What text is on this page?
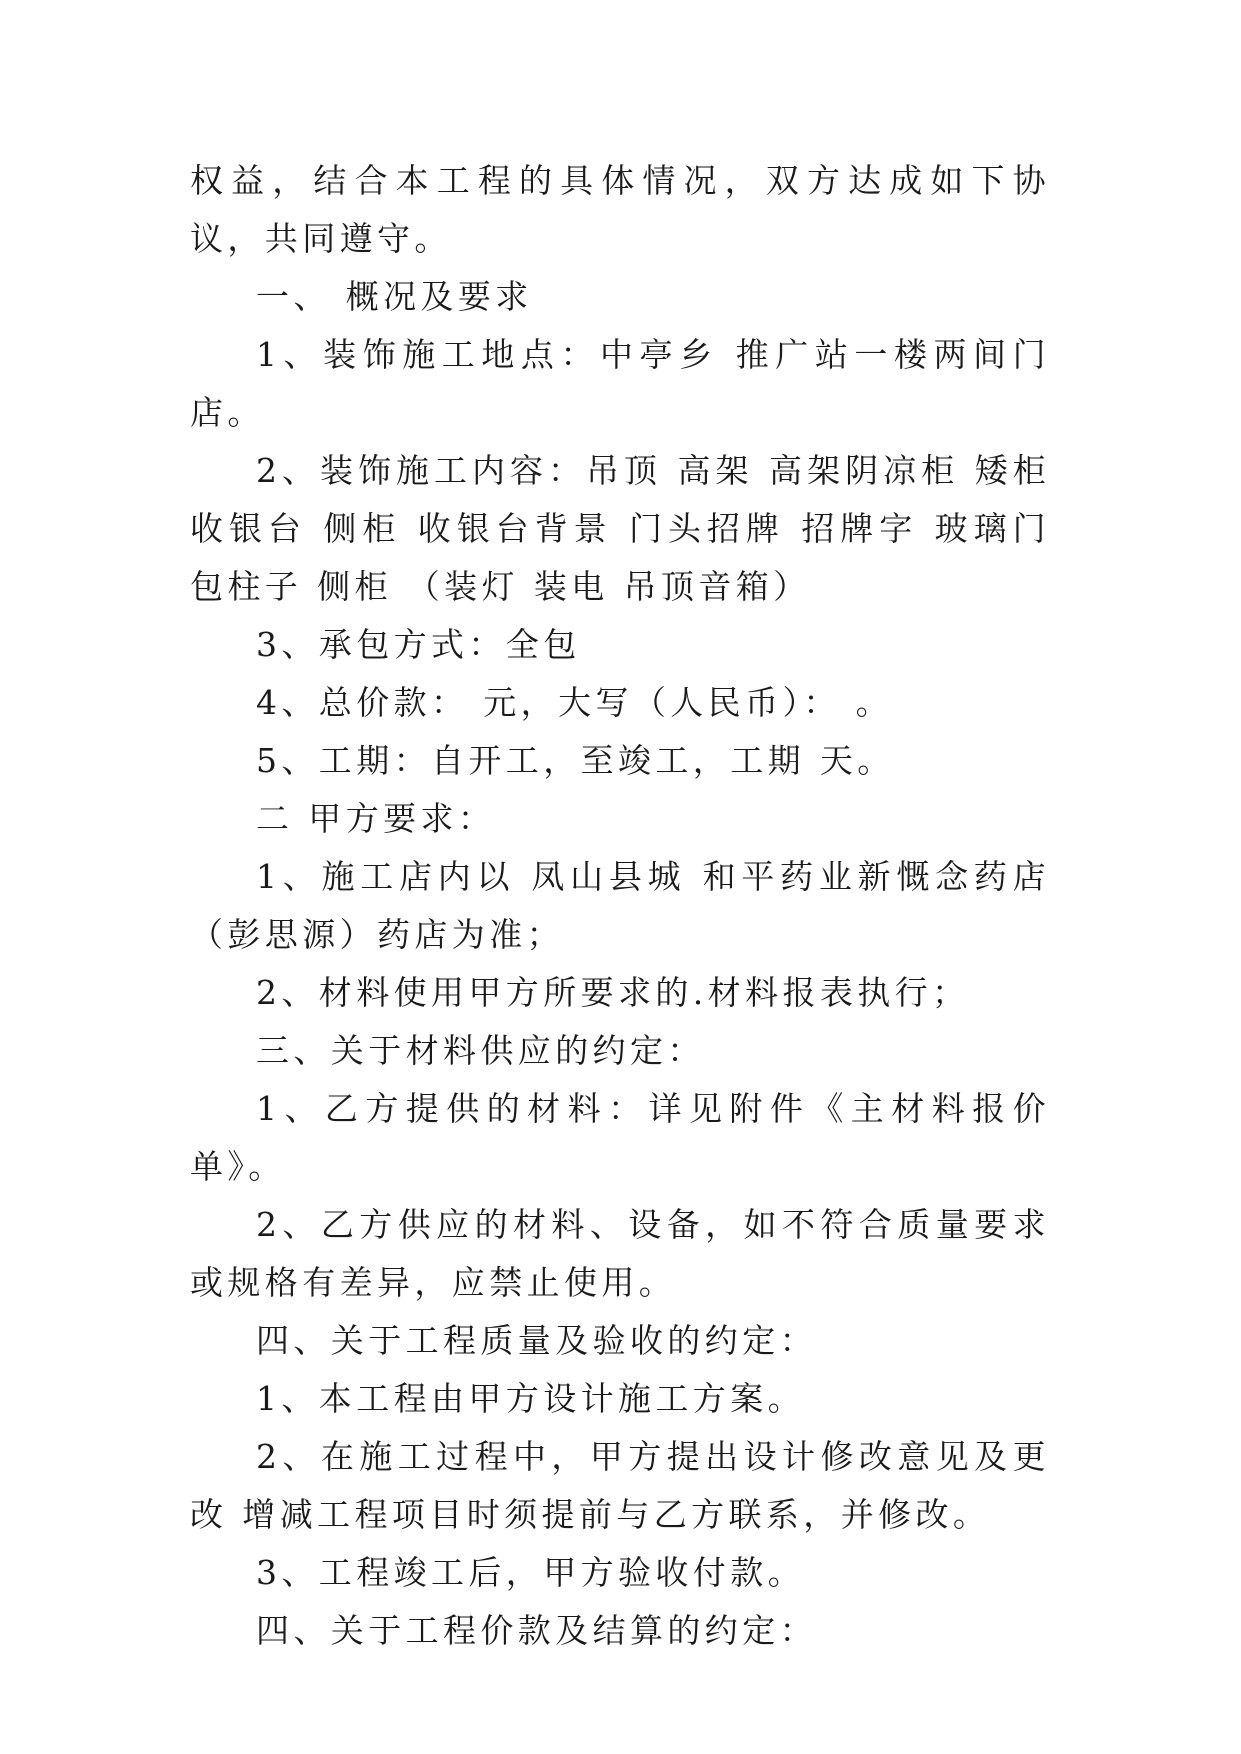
权益，结合本工程的具体情况，双方达成如下协议，共同遵守。

一、 概况及要求

1、装饰施工地点：中亭乡 推广站一楼两间门店。

2、装饰施工内容：吊顶 高架 高架阴凉柜 矮柜 收银台 侧柜 收银台背景 门头招牌 招牌字 玻璃门 包柱子 侧柜 （装灯 装电 吊顶音箱）

3、承包方式：全包

4、总价款： 元，大写（人民币）： 。

5、工期：自开工，至竣工，工期 天。

二 甲方要求：

1、施工店内以 凤山县城 和平药业新慨念药店 （彭思源）药店为准；

2、材料使用甲方所要求的.材料报表执行；

三、关于材料供应的约定：

1、乙方提供的材料：详见附件《主材料报价单》。

2、乙方供应的材料、设备，如不符合质量要求或规格有差异，应禁止使用。

四、关于工程质量及验收的约定：

1、本工程由甲方设计施工方案。

2、在施工过程中，甲方提出设计修改意见及更改 增减工程项目时须提前与乙方联系，并修改。

3、工程竣工后，甲方验收付款。

四、关于工程价款及结算的约定：
